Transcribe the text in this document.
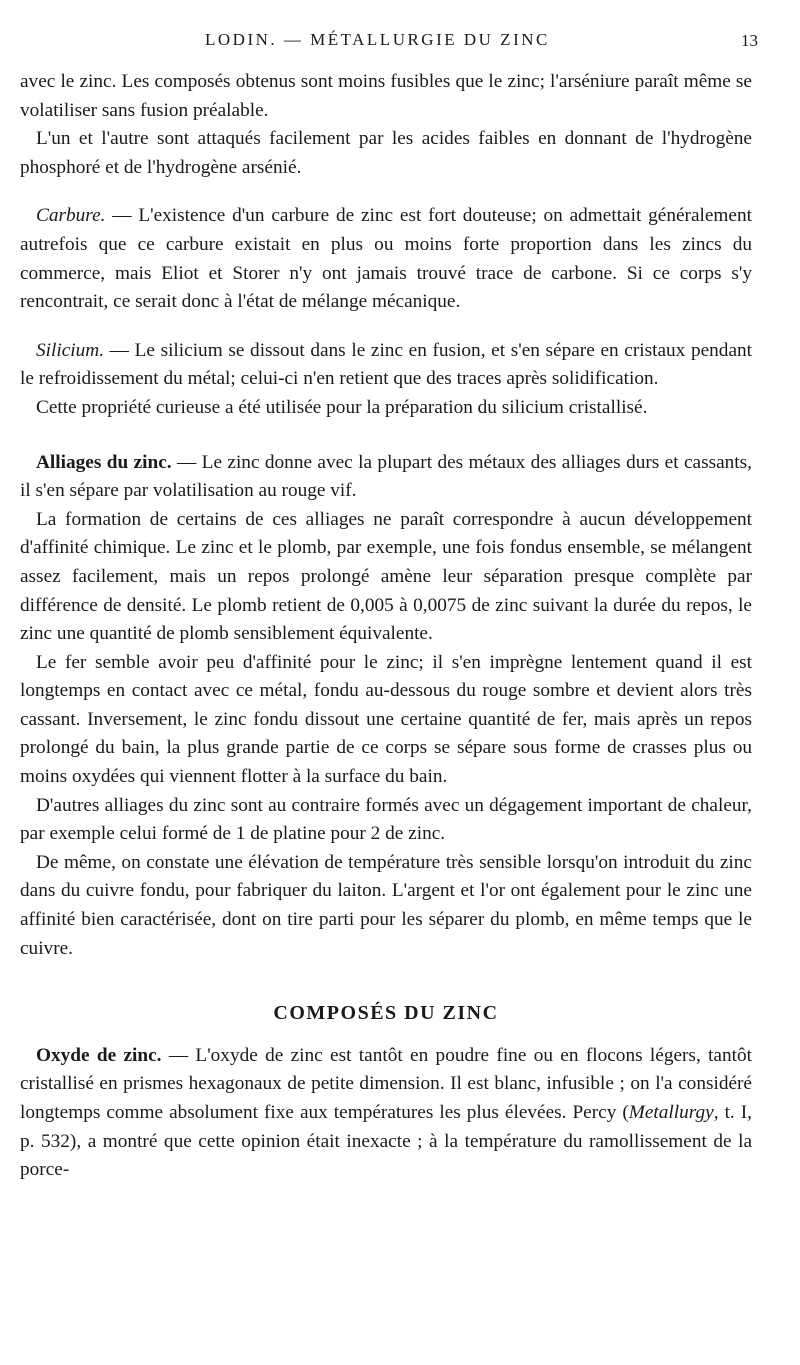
LODIN. — MÉTALLURGIE DU ZINC	13

avec le zinc. Les composés obtenus sont moins fusibles que le zinc; l'arséniure paraît même se volatiliser sans fusion préalable.

L'un et l'autre sont attaqués facilement par les acides faibles en donnant de l'hydrogène phosphoré et de l'hydrogène arsénié.

Carbure. — L'existence d'un carbure de zinc est fort douteuse; on admettait généralement autrefois que ce carbure existait en plus ou moins forte proportion dans les zincs du commerce, mais Eliot et Storer n'y ont jamais trouvé trace de carbone. Si ce corps s'y rencontrait, ce serait donc à l'état de mélange mécanique.

Silicium. — Le silicium se dissout dans le zinc en fusion, et s'en sépare en cristaux pendant le refroidissement du métal; celui-ci n'en retient que des traces après solidification.

Cette propriété curieuse a été utilisée pour la préparation du silicium cristallisé.

Alliages du zinc. — Le zinc donne avec la plupart des métaux des alliages durs et cassants, il s'en sépare par volatilisation au rouge vif.

La formation de certains de ces alliages ne paraît correspondre à aucun développement d'affinité chimique. Le zinc et le plomb, par exemple, une fois fondus ensemble, se mélangent assez facilement, mais un repos prolongé amène leur séparation presque complète par différence de densité. Le plomb retient de 0,005 à 0,0075 de zinc suivant la durée du repos, le zinc une quantité de plomb sensiblement équivalente.

Le fer semble avoir peu d'affinité pour le zinc; il s'en imprègne lentement quand il est longtemps en contact avec ce métal, fondu au-dessous du rouge sombre et devient alors très cassant. Inversement, le zinc fondu dissout une certaine quantité de fer, mais après un repos prolongé du bain, la plus grande partie de ce corps se sépare sous forme de crasses plus ou moins oxydées qui viennent flotter à la surface du bain.

D'autres alliages du zinc sont au contraire formés avec un dégagement important de chaleur, par exemple celui formé de 1 de platine pour 2 de zinc.

De même, on constate une élévation de température très sensible lorsqu'on introduit du zinc dans du cuivre fondu, pour fabriquer du laiton. L'argent et l'or ont également pour le zinc une affinité bien caractérisée, dont on tire parti pour les séparer du plomb, en même temps que le cuivre.

COMPOSÉS DU ZINC

Oxyde de zinc. — L'oxyde de zinc est tantôt en poudre fine ou en flocons légers, tantôt cristallisé en prismes hexagonaux de petite dimension. Il est blanc, infusible ; on l'a considéré longtemps comme absolument fixe aux températures les plus élevées. Percy (Metallurgy, t. I, p. 532), a montré que cette opinion était inexacte ; à la température du ramollissement de la porce-
